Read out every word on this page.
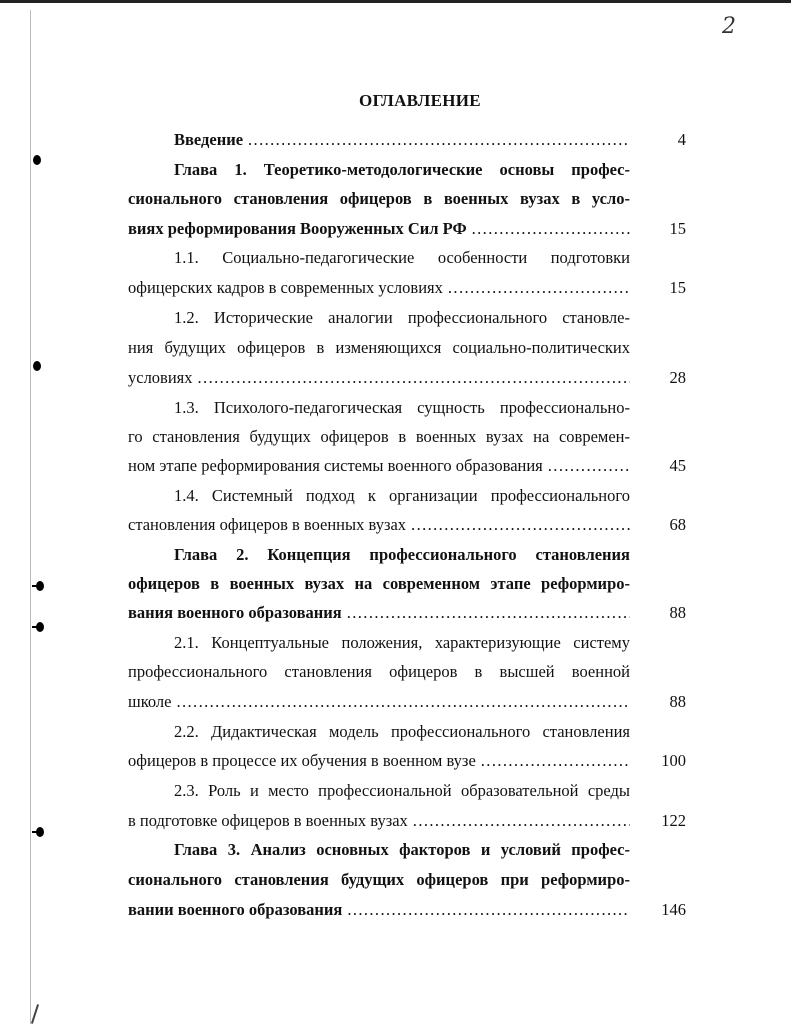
2
ОГЛАВЛЕНИЕ
Введение .....	4
Глава 1. Теоретико-методологические основы профес-
сионального становления офицеров в военных вузах в усло-
виях реформирования Вооруженных Сил РФ .....	15
1.1. Социально-педагогические особенности подготовки
офицерских кадров в современных условиях .....	15
1.2. Исторические аналогии профессионального становле-
ния будущих офицеров в изменяющихся социально-политических
условиях .....	28
1.3. Психолого-педагогическая сущность профессионально-
го становления будущих офицеров в военных вузах на современ-
ном этапе реформирования системы военного образования .....	45
1.4. Системный подход к организации профессионального
становления офицеров в военных вузах .....	68
Глава 2. Концепция профессионального становления
офицеров в военных вузах на современном этапе реформиро-
вания военного образования .....	88
2.1. Концептуальные положения, характеризующие систему
профессионального становления офицеров в высшей военной
школе .....	88
2.2. Дидактическая модель профессионального становления
офицеров в процессе их обучения в военном вузе .....	100
2.3. Роль и место профессиональной образовательной среды
в подготовке офицеров в военных вузах .....	122
Глава 3. Анализ основных факторов и условий профес-
сионального становления будущих офицеров при реформиро-
вании военного образования .....	146
